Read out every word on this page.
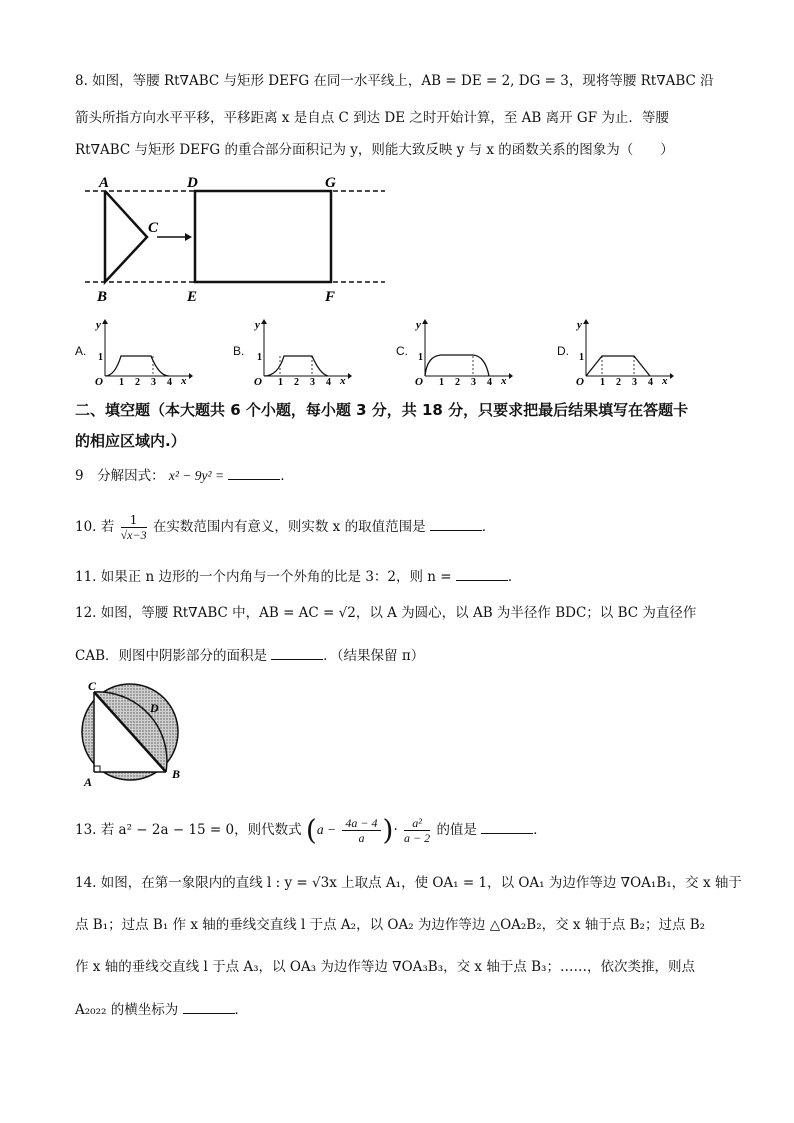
8. 如图，等腰 Rt∇ABC 与矩形 DEFG 在同一水平线上，AB = DE = 2, DG = 3，现将等腰 Rt∇ABC 沿
箭头所指方向水平平移，平移距离 x 是自点 C 到达 DE 之时开始计算，至 AB 离开 GF 为止．等腰
Rt∇ABC 与矩形 DEFG 的重合部分面积记为 y，则能大致反映 y 与 x 的函数关系的图象为（　　）
A
B
C
D
E	F
G
A.
y
1
O 1 2 3 4 x
B.
y
1
O 1 2 3 4 x
C.
y
1
O 1 2 3 4 x
D.
y
1
O 1 2 3 4 x
二、填空题（本大题共 6 个小题，每小题 3 分，共 18 分，只要求把最后结果填写在答题卡
的相应区域内.）
9　分解因式： x² − 9y² =	．
10. 若 $\frac{1}{√x-3}$ 在实数范围内有意义，则实数 x 的取值范围是	．
11. 如果正 n 边形的一个内角与一个外角的比是 3：2，则 n =	．
12. 如图，等腰 Rt∇ABC 中，AB = AC = √2，以 A 为圆心，以 AB 为半径作 BDC；以 BC 为直径作
CAB．则图中阴影部分的面积是	．（结果保留 π）
C
D
A
B
13. 若 a² − 2a − 15 = 0，则代数式 ($a - \frac{4a - 4}{a}$ )· $\frac{\text{a²}}{a - 2}$ 的值是	．
14. 如图，在第一象限内的直线 l : y = √3x 上取点 A₁，使 OA₁ = 1，以 OA₁ 为边作等边 ∇OA₁B₁，交 x 轴于
点 B₁；过点 B₁ 作 x 轴的垂线交直线 l 于点 A₂，以 OA₂ 为边作等边 △OA₂B₂，交 x 轴于点 B₂；过点 B₂
作 x 轴的垂线交直线 l 于点 A₃，以 OA₃ 为边作等边 ∇OA₃B₃，交 x 轴于点 B₃；……，依次类推，则点
A₂₀₂₂ 的横坐标为	．
